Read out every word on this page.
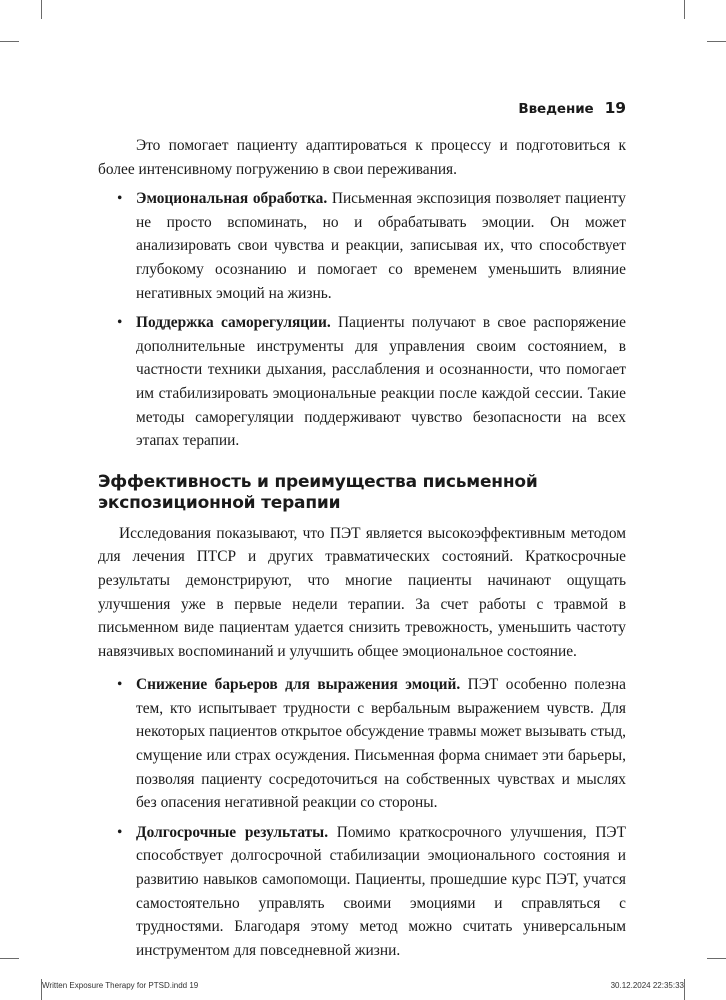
Введение 19

Это помогает пациенту адаптироваться к процессу и подготовиться к более интенсивному погружению в свои переживания.

• Эмоциональная обработка. Письменная экспозиция позволяет пациенту не просто вспоминать, но и обрабатывать эмоции. Он может анализировать свои чувства и реакции, записывая их, что способствует глубокому осознанию и помогает со временем уменьшить влияние негативных эмоций на жизнь.
• Поддержка саморегуляции. Пациенты получают в свое распоряжение дополнительные инструменты для управления своим состоянием, в частности техники дыхания, расслабления и осознанности, что помогает им стабилизировать эмоциональные реакции после каждой сессии. Такие методы саморегуляции поддерживают чувство безопасности на всех этапах терапии.
Эффективность и преимущества письменной экспозиционной терапии

Исследования показывают, что ПЭТ является высокоэффективным методом для лечения ПТСР и других травматических состояний. Краткосрочные результаты демонстрируют, что многие пациенты начинают ощущать улучшения уже в первые недели терапии. За счет работы с травмой в письменном виде пациентам удается снизить тревожность, уменьшить частоту навязчивых воспоминаний и улучшить общее эмоциональное состояние.

• Снижение барьеров для выражения эмоций. ПЭТ особенно полезна тем, кто испытывает трудности с вербальным выражением чувств. Для некоторых пациентов открытое обсуждение травмы может вызывать стыд, смущение или страх осуждения. Письменная форма снимает эти барьеры, позволяя пациенту сосредоточиться на собственных чувствах и мыслях без опасения негативной реакции со стороны.
• Долгосрочные результаты. Помимо краткосрочного улучшения, ПЭТ способствует долгосрочной стабилизации эмоционального состояния и развитию навыков самопомощи. Пациенты, прошедшие курс ПЭТ, учатся самостоятельно управлять своими эмоциями и справляться с трудностями. Благодаря этому метод можно считать универсальным инструментом для повседневной жизни.
Written Exposure Therapy for PTSD.indd 19	30.12.2024 22:35:33
